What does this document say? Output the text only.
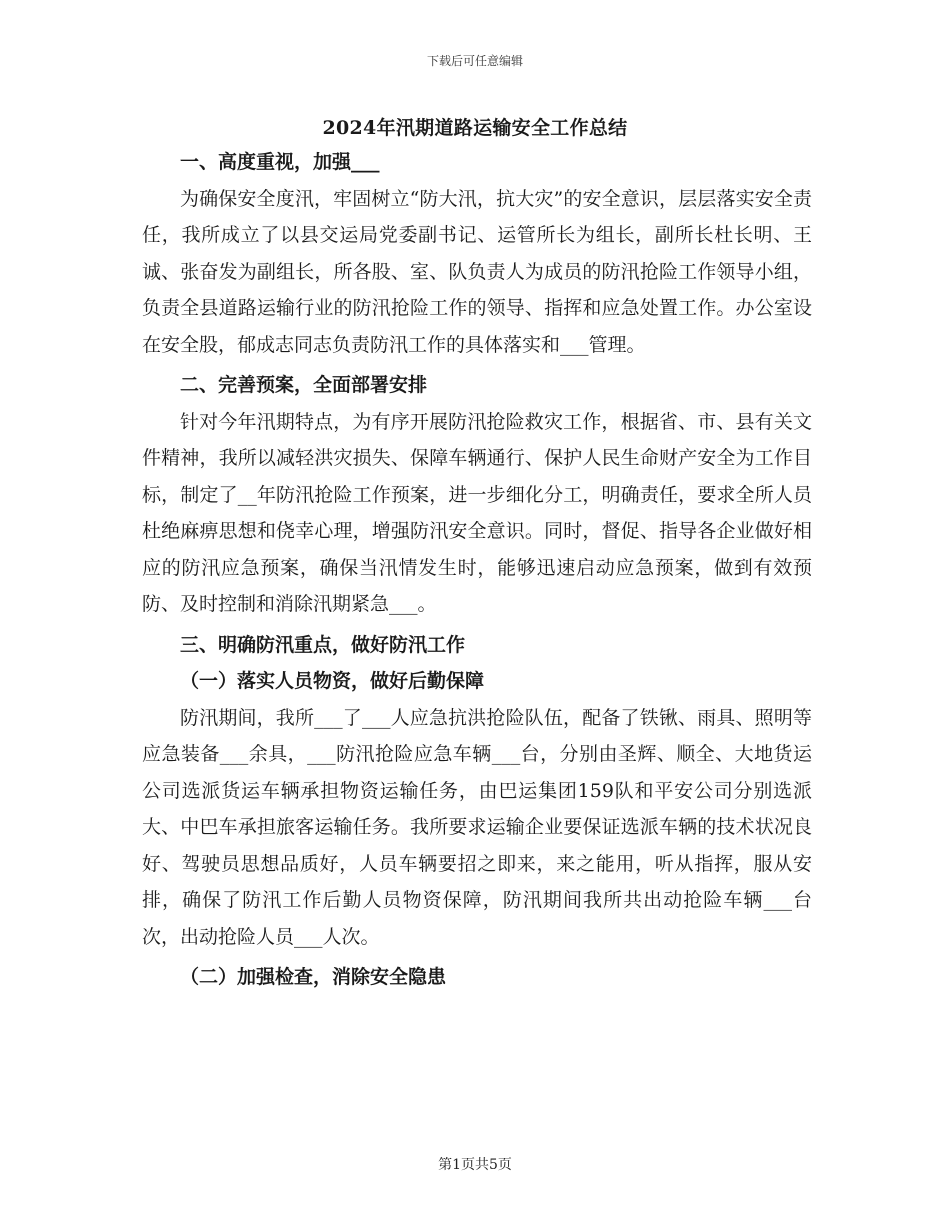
下载后可任意编辑
2024年汛期道路运输安全工作总结
一、高度重视，加强___

为确保安全度汛，牢固树立“防大汛，抗大灾”的安全意识，层层落实安全责任，我所成立了以县交运局党委副书记、运管所长为组长，副所长杜长明、王诚、张奋发为副组长，所各股、室、队负责人为成员的防汛抢险工作领导小组，负责全县道路运输行业的防汛抢险工作的领导、指挥和应急处置工作。办公室设在安全股，郁成志同志负责防汛工作的具体落实和___管理。

二、完善预案，全面部署安排

针对今年汛期特点，为有序开展防汛抢险救灾工作，根据省、市、县有关文件精神，我所以减轻洪灾损失、保障车辆通行、保护人民生命财产安全为工作目标，制定了__年防汛抢险工作预案，进一步细化分工，明确责任，要求全所人员杜绝麻痹思想和侥幸心理，增强防汛安全意识。同时，督促、指导各企业做好相应的防汛应急预案，确保当汛情发生时，能够迅速启动应急预案，做到有效预防、及时控制和消除汛期紧急___。

三、明确防汛重点，做好防汛工作
（一）落实人员物资，做好后勤保障

防汛期间，我所___了___人应急抗洪抢险队伍，配备了铁锹、雨具、照明等应急装备___余具，___防汛抢险应急车辆___台，分别由圣辉、顺全、大地货运公司选派货运车辆承担物资运输任务，由巴运集团159队和平安公司分别选派大、中巴车承担旅客运输任务。我所要求运输企业要保证选派车辆的技术状况良好、驾驶员思想品质好，人员车辆要招之即来，来之能用，听从指挥，服从安排，确保了防汛工作后勤人员物资保障，防汛期间我所共出动抢险车辆___台次，出动抢险人员___人次。

（二）加强检查，消除安全隐患
第1页共5页
